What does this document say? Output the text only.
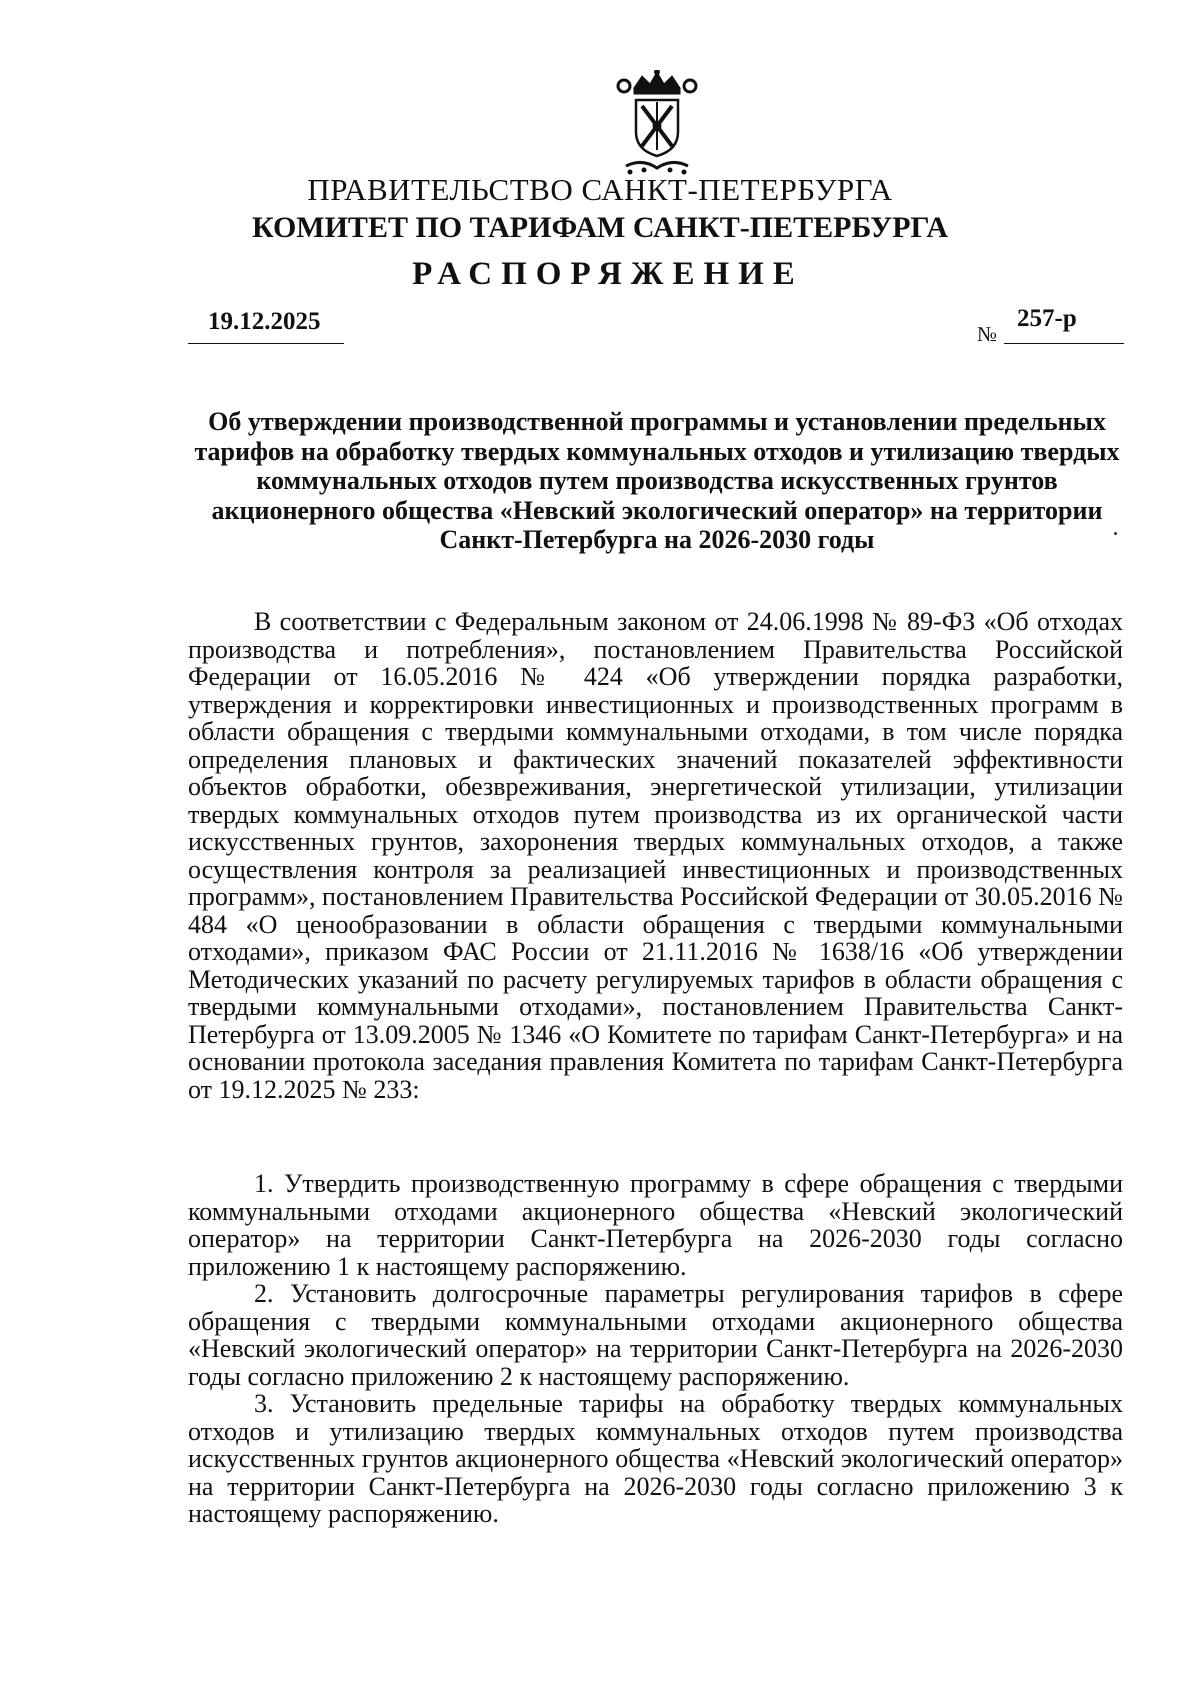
ПРАВИТЕЛЬСТВО САНКТ-ПЕТЕРБУРГА
КОМИТЕТ ПО ТАРИФАМ САНКТ-ПЕТЕРБУРГА
РАСПОРЯЖЕНИЕ
19.12.2025	№
257-р
Об утверждении производственной программы и установлении предельных тарифов на обработку твердых коммунальных отходов и утилизацию твердых коммунальных отходов путем производства искусственных грунтов акционерного общества «Невский экологический оператор» на территории Санкт-Петербурга на 2026-2030 годы

В соответствии с Федеральным законом от 24.06.1998 № 89-ФЗ «Об отходах производства и потребления», постановлением Правительства Российской Федерации от 16.05.2016 № 424 «Об утверждении порядка разработки, утверждения и корректировки инвестиционных и производственных программ в области обращения с твердыми коммунальными отходами, в том числе порядка определения плановых и фактических значений показателей эффективности объектов обработки, обезвреживания, энергетической утилизации, утилизации твердых коммунальных отходов путем производства из их органической части искусственных грунтов, захоронения твердых коммунальных отходов, а также осуществления контроля за реализацией инвестиционных и производственных программ», постановлением Правительства Российской Федерации от 30.05.2016 № 484 «О ценообразовании в области обращения с твердыми коммунальными отходами», приказом ФАС России от 21.11.2016 № 1638/16 «Об утверждении Методических указаний по расчету регулируемых тарифов в области обращения с твердыми коммунальными отходами», постановлением Правительства Санкт-Петербурга от 13.09.2005 № 1346 «О Комитете по тарифам Санкт-Петербурга» и на основании протокола заседания правления Комитета по тарифам Санкт-Петербурга от 19.12.2025 № 233:

1. Утвердить производственную программу в сфере обращения с твердыми коммунальными отходами акционерного общества «Невский экологический оператор» на территории Санкт-Петербурга на 2026-2030 годы согласно приложению 1 к настоящему распоряжению.

2. Установить долгосрочные параметры регулирования тарифов в сфере обращения с твердыми коммунальными отходами акционерного общества «Невский экологический оператор» на территории Санкт-Петербурга на 2026-2030 годы согласно приложению 2 к настоящему распоряжению.

3. Установить предельные тарифы на обработку твердых коммунальных отходов и утилизацию твердых коммунальных отходов путем производства искусственных грунтов акционерного общества «Невский экологический оператор» на территории Санкт-Петербурга на 2026-2030 годы согласно приложению 3 к настоящему распоряжению.
